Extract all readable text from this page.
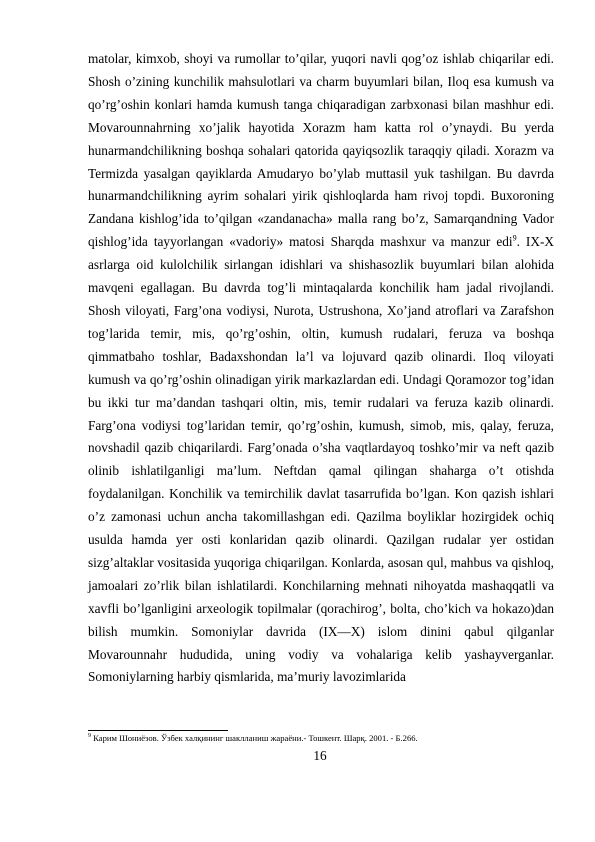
matolar, kimxob, shoyi va rumollar to’qilar, yuqori navli qog’oz ishlab chiqarilar edi. Shosh o’zining kunchilik mahsulotlari va charm buyumlari bilan, Iloq esa kumush va qo’rg’oshin konlari hamda kumush tanga chiqaradigan zarbxonasi bilan mashhur edi. Movarounnahrning xo’jalik hayotida Xorazm ham katta rol o’ynaydi. Bu yerda hunarmandchilikning boshqa sohalari qatorida qayiqsozlik taraqqiy qiladi. Xorazm va Termizda yasalgan qayiklarda Amudaryo bo’ylab muttasil yuk tashilgan. Bu davrda hunarmandchilikning ayrim sohalari yirik qishloqlarda ham rivoj topdi. Buxoroning Zandana kishlog’ida to’qilgan «zandanacha» malla rang bo’z, Samarqandning Vador qishlog’ida tayyorlangan «vadoriy» matosi Sharqda mashxur va manzur edi$^9$. IX-X asrlarga oid kulolchilik sirlangan idishlari va shishasozlik buyumlari bilan alohida mavqeni egallagan. Bu davrda tog’li mintaqalarda konchilik ham jadal rivojlandi. Shosh viloyati, Farg’ona vodiysi, Nurota, Ustrushona, Xo’jand atroflari va Zarafshon tog’larida temir, mis, qo’rg’oshin, oltin, kumush rudalari, feruza va boshqa qimmatbaho toshlar, Badaxshondan la’l va lojuvard qazib olinardi. Iloq viloyati kumush va qo’rg’oshin olinadigan yirik markazlardan edi. Undagi Qoramozor tog’idan bu ikki tur ma’dandan tashqari oltin, mis, temir rudalari va feruza kazib olinardi. Farg’ona vodiysi tog’laridan temir, qo’rg’oshin, kumush, simob, mis, qalay, feruza, novshadil qazib chiqarilardi. Farg’onada o’sha vaqtlardayoq toshko’mir va neft qazib olinib ishlatilganligi ma’lum. Neftdan qamal qilingan shaharga o’t otishda foydalanilgan. Konchilik va temirchilik davlat tasarrufida bo’lgan. Kon qazish ishlari o’z zamonasi uchun ancha takomillashgan edi. Qazilma boyliklar hozirgidek ochiq usulda hamda yer osti konlaridan qazib olinardi. Qazilgan rudalar yer ostidan sizg’altaklar vositasida yuqoriga chiqarilgan. Konlarda, asosan qul, mahbus va qishloq, jamoalari zo’rlik bilan ishlatilardi. Konchilarning mehnati nihoyatda mashaqqatli va xavfli bo’lganligini arxeologik topilmalar (qorachirog’, bolta, cho’kich va hokazo)dan bilish mumkin. Somoniylar davrida (IX—X) islom dinini qabul qilganlar Movarounnahr hududida, uning vodiy va vohalariga kelib yashayverganlar. Somoniylarning harbiy qismlarida, ma’muriy lavozimlarida

$^9$ Карим Шониёзов. Ўзбек халқининг шаклланиш жараёни.- Тошкент. Шарқ. 2001. - Б.266.

16
